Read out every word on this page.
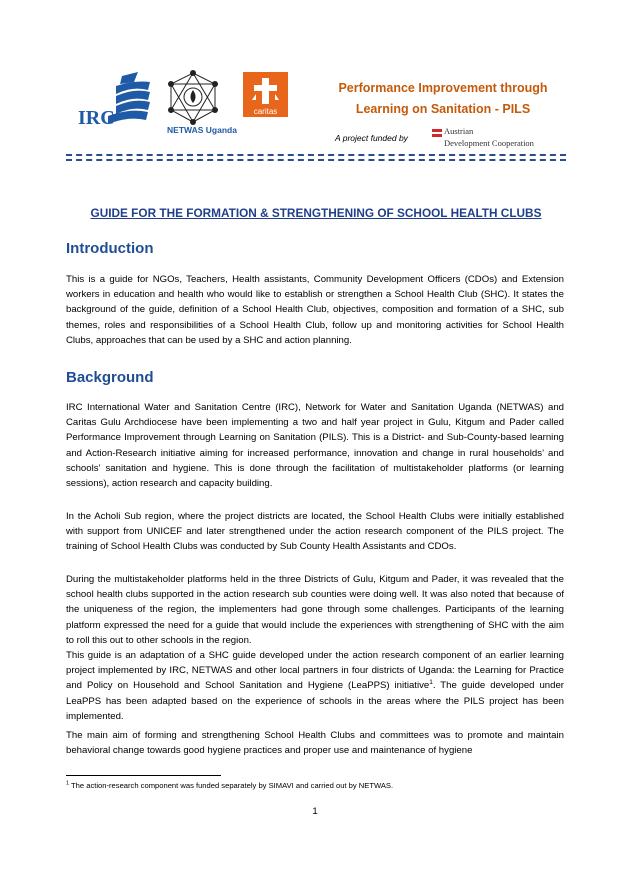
IRC
NETWAS Uganda
caritas
Performance Improvement through
Learning on Sanitation - PILS
A project funded by
Austrian
Development Cooperation
GUIDE FOR THE FORMATION & STRENGTHENING OF SCHOOL HEALTH CLUBS
Introduction
This is a guide for NGOs, Teachers, Health assistants, Community Development Officers (CDOs) and Extension workers in education and health who would like to establish or strengthen a School Health Club (SHC). It states the background of the guide, definition of a School Health Club, objectives, composition and formation of a SHC, sub themes, roles and responsibilities of a School Health Club, follow up and monitoring activities for School Health Clubs, approaches that can be used by a SHC and action planning.
Background
IRC International Water and Sanitation Centre (IRC), Network for Water and Sanitation Uganda (NETWAS) and Caritas Gulu Archdiocese have been implementing a two and half year project in Gulu, Kitgum and Pader called Performance Improvement through Learning on Sanitation (PILS). This is a District- and Sub-County-based learning and Action-Research initiative aiming for increased performance, innovation and change in rural households’ and schools’ sanitation and hygiene. This is done through the facilitation of multistakeholder platforms (or learning sessions), action research and capacity building.
In the Acholi Sub region, where the project districts are located, the School Health Clubs were initially established with support from UNICEF and later strengthened under the action research component of the PILS project. The training of School Health Clubs was conducted by Sub County Health Assistants and CDOs.
During the multistakeholder platforms held in the three Districts of Gulu, Kitgum and Pader, it was revealed that the school health clubs supported in the action research sub counties were doing well. It was also noted that because of the uniqueness of the region, the implementers had gone through some challenges. Participants of the learning platform expressed the need for a guide that would include the experiences with strengthening of SHC with the aim to roll this out to other schools in the region.
This guide is an adaptation of a SHC guide developed under the action research component of an earlier learning project implemented by IRC, NETWAS and other local partners in four districts of Uganda: the Learning for Practice and Policy on Household and School Sanitation and Hygiene (LeaPPS) initiative$^1$. The guide developed under LeaPPS has been adapted based on the experience of schools in the areas where the PILS project has been implemented.
The main aim of forming and strengthening School Health Clubs and committees was to promote and maintain behavioral change towards good hygiene practices and proper use and maintenance of hygiene
$^1$ The action-research component was funded separately by SIMAVI and carried out by NETWAS.
1
